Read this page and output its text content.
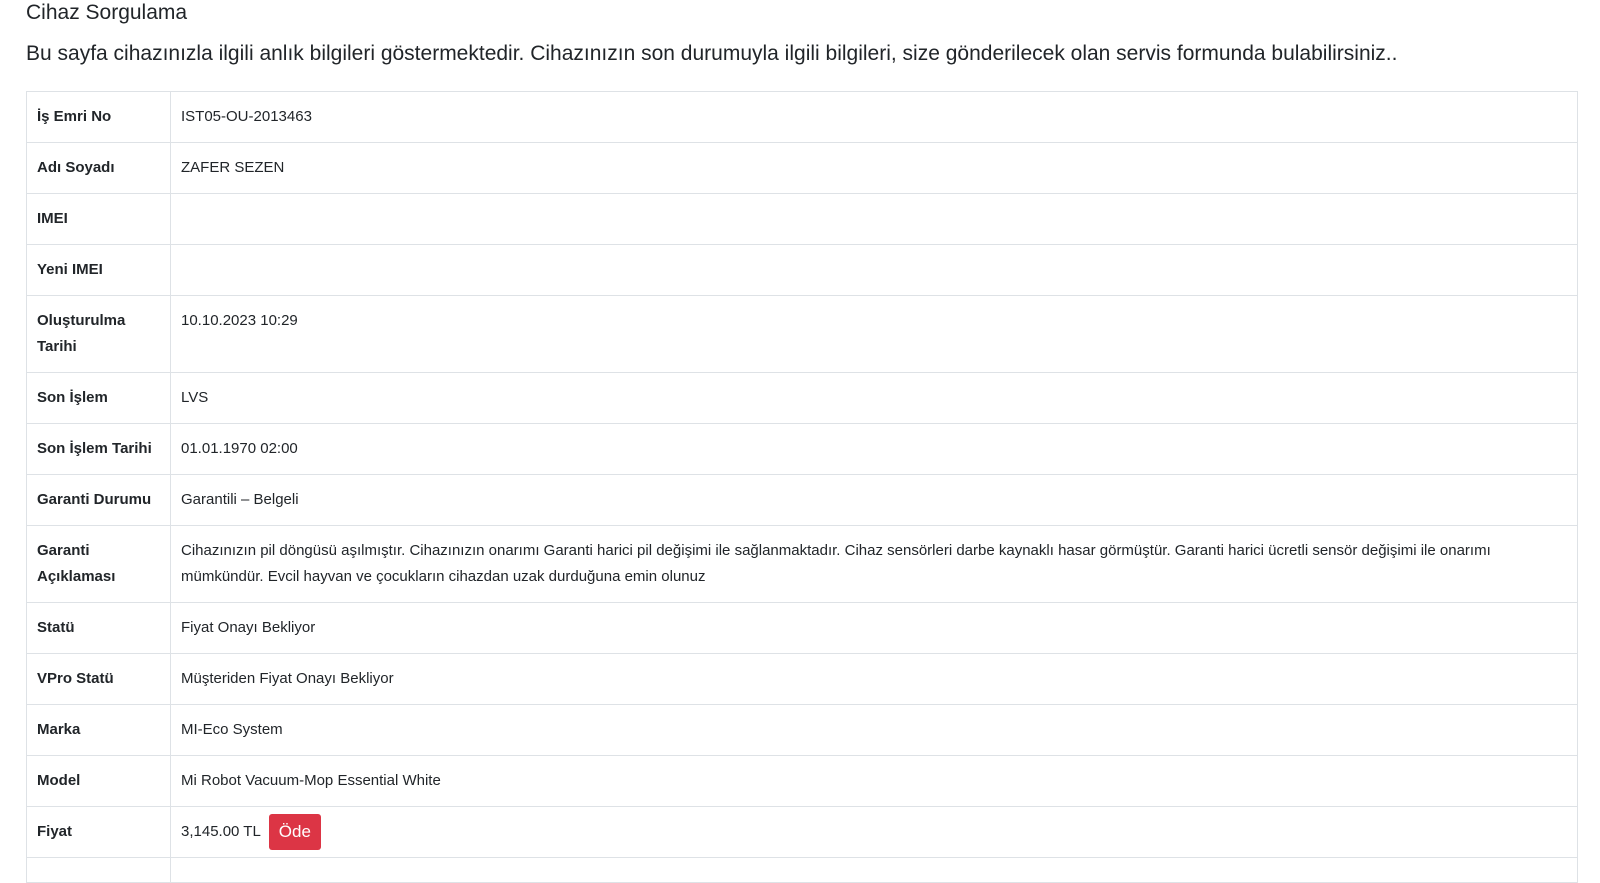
Cihaz Sorgulama
Bu sayfa cihazınızla ilgili anlık bilgileri göstermektedir. Cihazınızın son durumuyla ilgili bilgileri, size gönderilecek olan servis formunda bulabilirsiniz..
İş Emri No	IST05-OU-2013463
Adı Soyadı	ZAFER SEZEN
IMEI	
Yeni IMEI	
Oluşturulma Tarihi	10.10.2023 10:29
Son İşlem	LVS
Son İşlem Tarihi	01.01.1970 02:00
Garanti Durumu	Garantili – Belgeli
Garanti Açıklaması	Cihazınızın pil döngüsü aşılmıştır. Cihazınızın onarımı Garanti harici pil değişimi ile sağlanmaktadır. Cihaz sensörleri darbe kaynaklı hasar görmüştür. Garanti harici ücretli sensör değişimi ile onarımı mümkündür. Evcil hayvan ve çocukların cihazdan uzak durduğuna emin olunuz
Statü	Fiyat Onayı Bekliyor
VPro Statü	Müşteriden Fiyat Onayı Bekliyor
Marka	MI-Eco System
Model	Mi Robot Vacuum-Mop Essential White
Fiyat	3,145.00 TL Öde
